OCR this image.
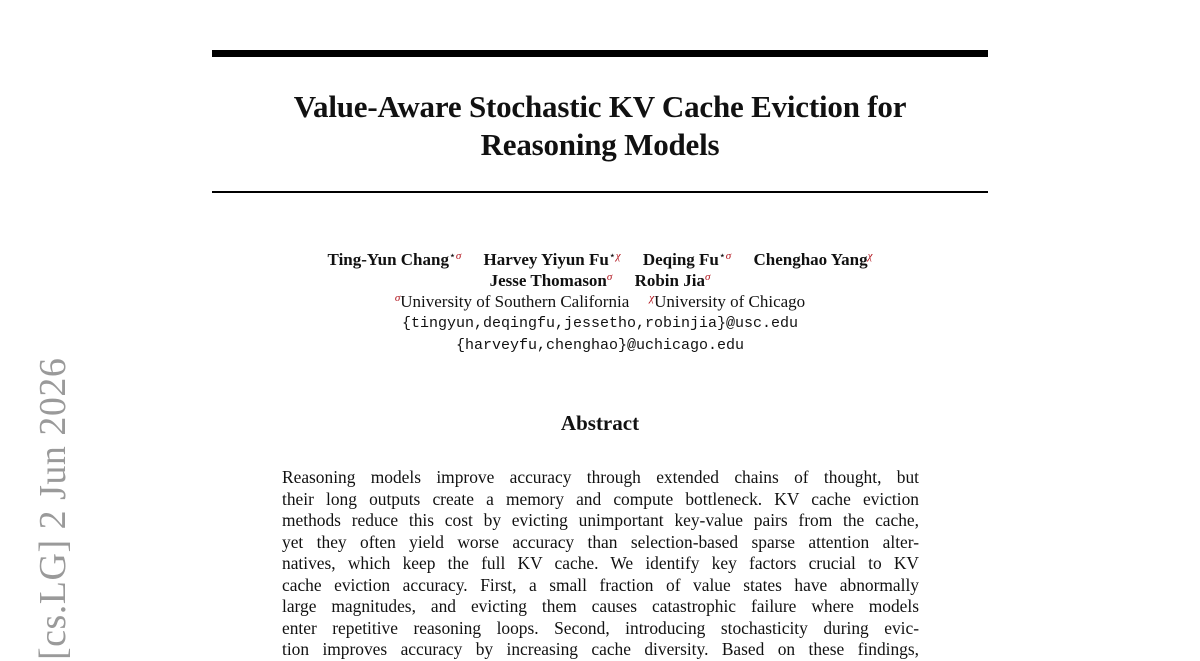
Value-Aware Stochastic KV Cache Eviction for
Reasoning Models
Ting-Yun Chang$^{⋆\sigma}$ Harvey Yiyun $Fu^{⋆\chi}$ Deqing $Fu^{⋆\sigma}$ Chenghao Yang$^\chi$
Jesse Thomason$^\sigma$ Robin Jia$^\sigma$
$^\sigma$University of Southern California $^\chi$University of Chicago
{tingyun,deqingfu,jessetho,robinjia}@usc.edu
{harveyfu,chenghao}@uchicago.edu
Abstract
Reasoning models improve accuracy through extended chains of thought, but
their long outputs create a memory and compute bottleneck. KV cache eviction
methods reduce this cost by evicting unimportant key-value pairs from the cache,
yet they often yield worse accuracy than selection-based sparse attention alter-
natives, which keep the full KV cache. We identify key factors crucial to KV
cache eviction accuracy. First, a small fraction of value states have abnormally
large magnitudes, and evicting them causes catastrophic failure where models
enter repetitive reasoning loops. Second, introducing stochasticity during evic-
tion improves accuracy by increasing cache diversity. Based on these findings,
[cs.LG] 2 Jun 2026
